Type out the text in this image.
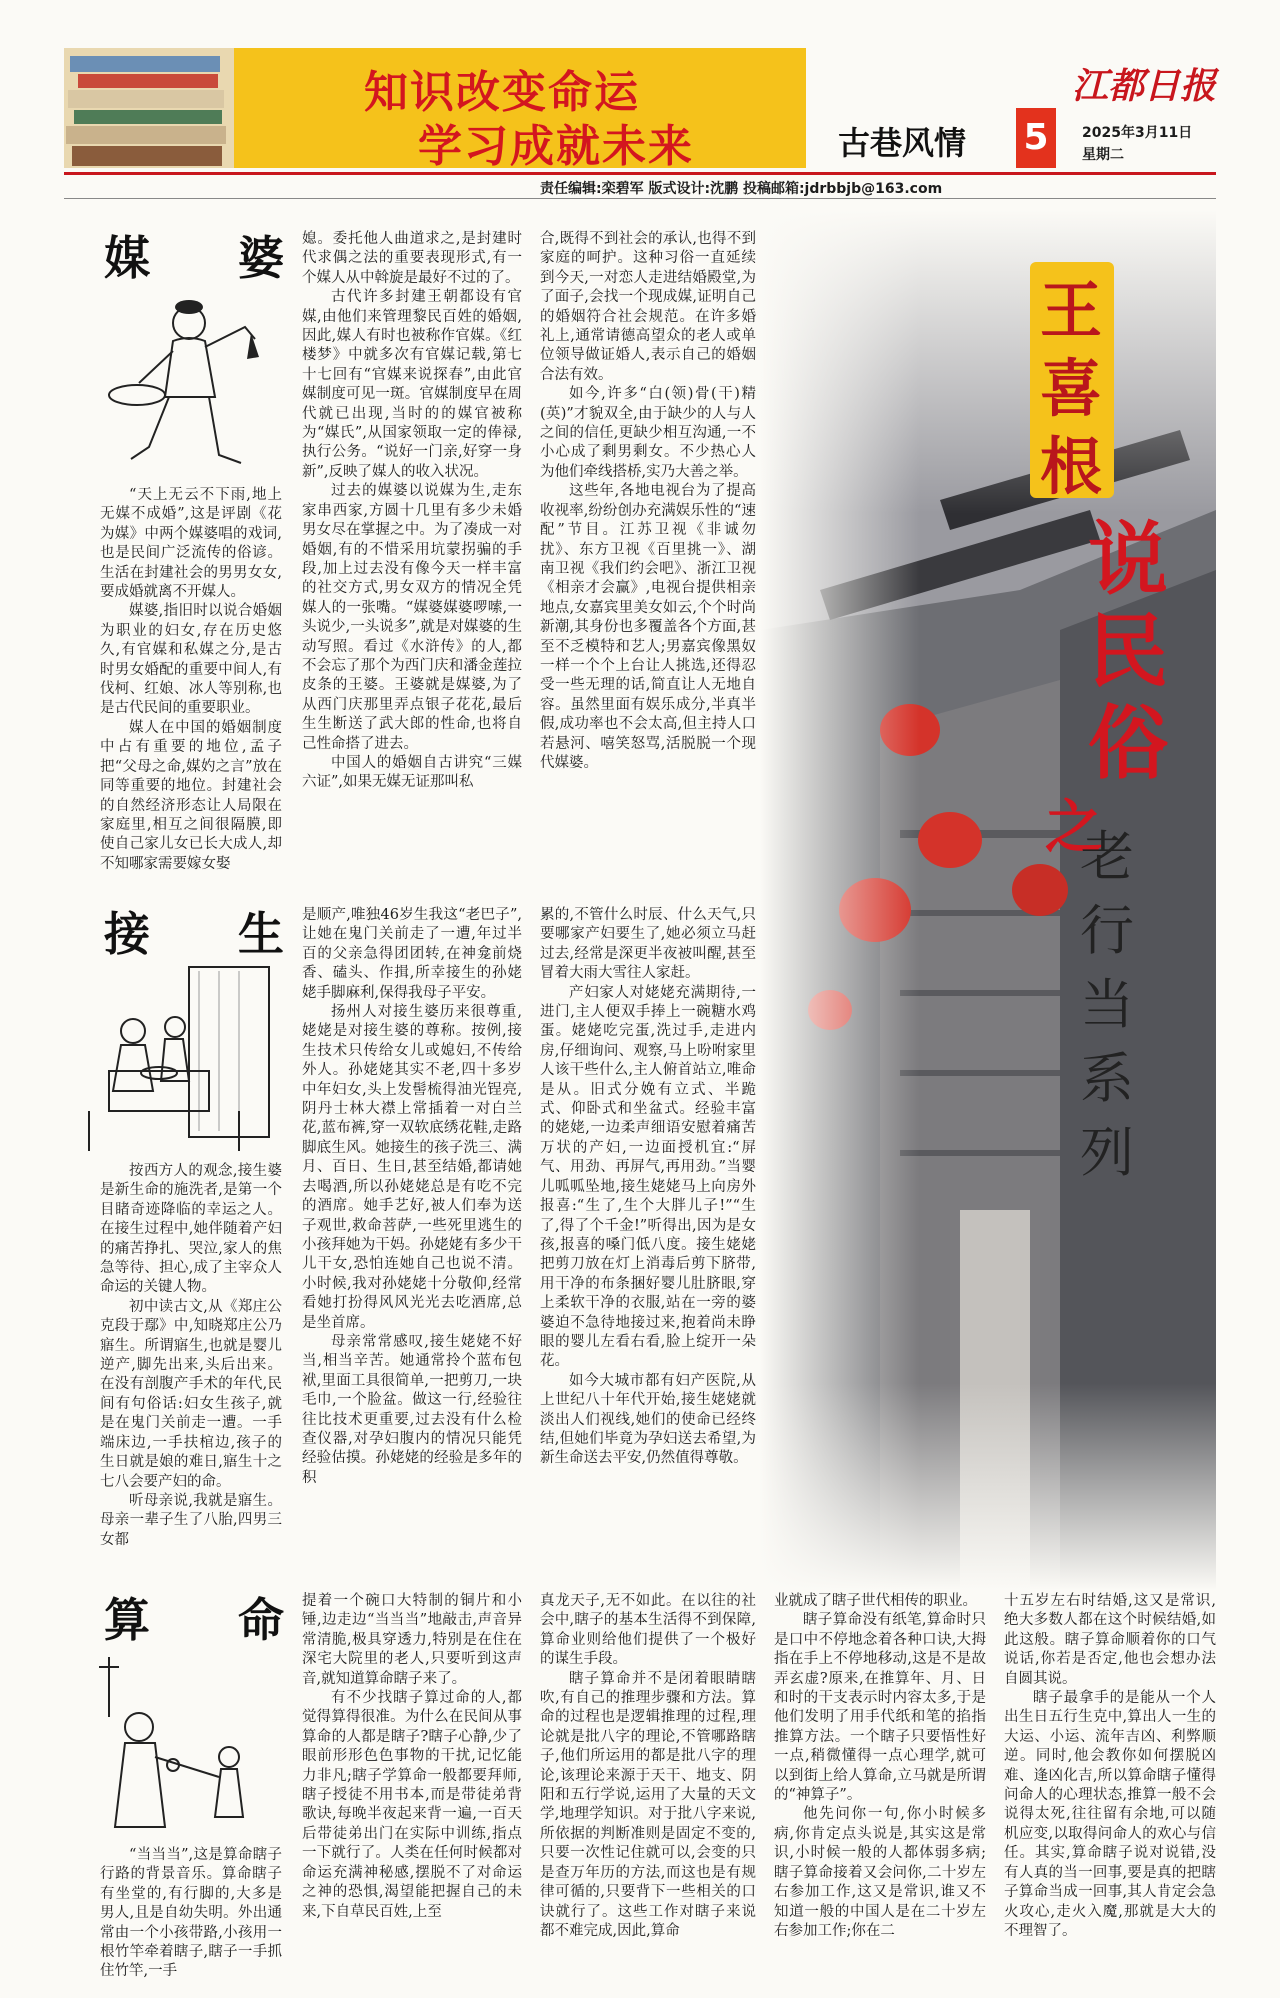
知识改变命运
学习成就未来	古巷风情 5
江都日报
2025年3月11日
星期二
责任编辑:栾碧军 版式设计:沈鹏 投稿邮箱:jdrbbjb@163.com
王
喜
根
说
民
俗
之
老
行
当
系
列
媒 婆

“天上无云不下雨,地上无媒不成婚”,这是评剧《花为媒》中两个媒婆唱的戏词,也是民间广泛流传的俗谚。生活在封建社会的男男女女,要成婚就离不开媒人。

媒婆,指旧时以说合婚姻为职业的妇女,存在历史悠久,有官媒和私媒之分,是古时男女婚配的重要中间人,有伐柯、红娘、冰人等别称,也是古代民间的重要职业。

媒人在中国的婚姻制度中占有重要的地位,孟子把“父母之命,媒妁之言”放在同等重要的地位。封建社会的自然经济形态让人局限在家庭里,相互之间很隔膜,即使自己家儿女已长大成人,却不知哪家需要嫁女娶

媳。委托他人曲道求之,是封建时代求偶之法的重要表现形式,有一个媒人从中斡旋是最好不过的了。

古代许多封建王朝都设有官媒,由他们来管理黎民百姓的婚姻,因此,媒人有时也被称作官媒。《红楼梦》中就多次有官媒记载,第七十七回有“官媒来说探春”,由此官媒制度可见一斑。官媒制度早在周代就已出现,当时的的媒官被称为“媒氏”,从国家领取一定的俸禄,执行公务。“说好一门亲,好穿一身新”,反映了媒人的收入状况。

过去的媒婆以说媒为生,走东家串西家,方圆十几里有多少未婚男女尽在掌握之中。为了凑成一对婚姻,有的不惜采用坑蒙拐骗的手段,加上过去没有像今天一样丰富的社交方式,男女双方的情况全凭媒人的一张嘴。“媒婆媒婆啰嗦,一头说少,一头说多”,就是对媒婆的生动写照。看过《水浒传》的人,都不会忘了那个为西门庆和潘金莲拉皮条的王婆。王婆就是媒婆,为了从西门庆那里弄点银子花花,最后生生断送了武大郎的性命,也将自己性命搭了进去。

中国人的婚姻自古讲究“三媒六证”,如果无媒无证那叫私

合,既得不到社会的承认,也得不到家庭的呵护。这种习俗一直延续到今天,一对恋人走进结婚殿堂,为了面子,会找一个现成媒,证明自己的婚姻符合社会规范。在许多婚礼上,通常请德高望众的老人或单位领导做证婚人,表示自己的婚姻合法有效。

如今,许多“白(领)骨(干)精(英)”才貌双全,由于缺少的人与人之间的信任,更缺少相互沟通,一不小心成了剩男剩女。不少热心人为他们牵线搭桥,实乃大善之举。

这些年,各地电视台为了提高收视率,纷纷创办充满娱乐性的“速配”节目。江苏卫视《非诚勿扰》、东方卫视《百里挑一》、湖南卫视《我们约会吧》、浙江卫视《相亲才会赢》,电视台提供相亲地点,女嘉宾里美女如云,个个时尚新潮,其身份也多覆盖各个方面,甚至不乏模特和艺人;男嘉宾像黑奴一样一个个上台让人挑选,还得忍受一些无理的话,简直让人无地自容。虽然里面有娱乐成分,半真半假,成功率也不会太高,但主持人口若悬河、嘻笑怒骂,活脱脱一个现代媒婆。

接 生

按西方人的观念,接生婆是新生命的施洗者,是第一个目睹奇迹降临的幸运之人。在接生过程中,她伴随着产妇的痛苦挣扎、哭泣,家人的焦急等待、担心,成了主宰众人命运的关键人物。

初中读古文,从《郑庄公克段于鄢》中,知晓郑庄公乃寤生。所谓寤生,也就是婴儿逆产,脚先出来,头后出来。在没有剖腹产手术的年代,民间有句俗话:妇女生孩子,就是在鬼门关前走一遭。一手端床边,一手扶棺边,孩子的生日就是娘的难日,寤生十之七八会要产妇的命。

听母亲说,我就是寤生。母亲一辈子生了八胎,四男三女都

是顺产,唯独46岁生我这“老巴子”,让她在鬼门关前走了一遭,年过半百的父亲急得团团转,在神龛前烧香、磕头、作揖,所幸接生的孙姥姥手脚麻利,保得我母子平安。

扬州人对接生婆历来很尊重,姥姥是对接生婆的尊称。按例,接生技术只传给女儿或媳妇,不传给外人。孙姥姥其实不老,四十多岁中年妇女,头上发髻梳得油光锃亮,阴丹士林大襟上常插着一对白兰花,蓝布裤,穿一双软底绣花鞋,走路脚底生风。她接生的孩子洗三、满月、百日、生日,甚至结婚,都请她去喝酒,所以孙姥姥总是有吃不完的酒席。她手艺好,被人们奉为送子观世,救命菩萨,一些死里逃生的小孩拜她为干妈。孙姥姥有多少干儿干女,恐怕连她自己也说不清。小时候,我对孙姥姥十分敬仰,经常看她打扮得风风光光去吃酒席,总是坐首席。

母亲常常感叹,接生姥姥不好当,相当辛苦。她通常拎个蓝布包袱,里面工具很简单,一把剪刀,一块毛巾,一个脸盆。做这一行,经验往往比技术更重要,过去没有什么检查仪器,对孕妇腹内的情况只能凭经验估摸。孙姥姥的经验是多年的积

累的,不管什么时辰、什么天气,只要哪家产妇要生了,她必须立马赶过去,经常是深更半夜被叫醒,甚至冒着大雨大雪往人家赶。

产妇家人对姥姥充满期待,一进门,主人便双手捧上一碗糖水鸡蛋。姥姥吃完蛋,洗过手,走进内房,仔细询问、观察,马上吩咐家里人该干些什么,主人俯首站立,唯命是从。旧式分娩有立式、半跪式、仰卧式和坐盆式。经验丰富的姥姥,一边柔声细语安慰着痛苦万状的产妇,一边面授机宜:“屏气、用劲、再屏气,再用劲。”当婴儿呱呱坠地,接生姥姥马上向房外报喜:“生了,生个大胖儿子!”“生了,得了个千金!”听得出,因为是女孩,报喜的嗓门低八度。接生姥姥把剪刀放在灯上消毒后剪下脐带,用干净的布条捆好婴儿肚脐眼,穿上柔软干净的衣服,站在一旁的婆婆迫不急待地接过来,抱着尚未睁眼的婴儿左看右看,脸上绽开一朵花。

如今大城市都有妇产医院,从上世纪八十年代开始,接生姥姥就淡出人们视线,她们的使命已经终结,但她们毕竟为孕妇送去希望,为新生命送去平安,仍然值得尊敬。

算 命

“当当当”,这是算命瞎子行路的背景音乐。算命瞎子有坐堂的,有行脚的,大多是男人,且是自幼失明。外出通常由一个小孩带路,小孩用一根竹竿牵着瞎子,瞎子一手抓住竹竿,一手

提着一个碗口大特制的铜片和小锤,边走边“当当当”地敲击,声音异常清脆,极具穿透力,特别是在住在深宅大院里的老人,只要听到这声音,就知道算命瞎子来了。

有不少找瞎子算过命的人,都觉得算得很准。为什么在民间从事算命的人都是瞎子?瞎子心静,少了眼前形形色色事物的干扰,记忆能力非凡;瞎子学算命一般都要拜师,瞎子授徒不用书本,而是带徒弟背歌诀,每晚半夜起来背一遍,一百天后带徒弟出门在实际中训练,指点一下就行了。人类在任何时候都对命运充满神秘感,摆脱不了对命运之神的恐惧,渴望能把握自己的未来,下自草民百姓,上至

真龙天子,无不如此。在以往的社会中,瞎子的基本生活得不到保障,算命业则给他们提供了一个极好的谋生手段。

瞎子算命并不是闭着眼睛瞎吹,有自己的推理步骤和方法。算命的过程也是逻辑推理的过程,理论就是批八字的理论,不管哪路瞎子,他们所运用的都是批八字的理论,该理论来源于天干、地支、阴阳和五行学说,运用了大量的天文学,地理学知识。对于批八字来说,所依据的判断准则是固定不变的,只要一次性记住就可以,会变的只是查万年历的方法,而这也是有规律可循的,只要背下一些相关的口诀就行了。这些工作对瞎子来说都不难完成,因此,算命

业就成了瞎子世代相传的职业。

瞎子算命没有纸笔,算命时只是口中不停地念着各种口诀,大拇指在手上不停地移动,这是不是故弄玄虚?原来,在推算年、月、日和时的干支表示时内容太多,于是他们发明了用手代纸和笔的掐指推算方法。一个瞎子只要悟性好一点,稍微懂得一点心理学,就可以到街上给人算命,立马就是所谓的“神算子”。

他先问你一句,你小时候多病,你肯定点头说是,其实这是常识,小时候一般的人都体弱多病;瞎子算命接着又会问你,二十岁左右参加工作,这又是常识,谁又不知道一般的中国人是在二十岁左右参加工作;你在二

十五岁左右时结婚,这又是常识,绝大多数人都在这个时候结婚,如此这般。瞎子算命顺着你的口气说话,你若是否定,他也会想办法自圆其说。

瞎子最拿手的是能从一个人出生日五行生克中,算出人一生的大运、小运、流年吉凶、利弊顺逆。同时,他会教你如何摆脱凶难、逢凶化吉,所以算命瞎子懂得问命人的心理状态,推算一般不会说得太死,往往留有余地,可以随机应变,以取得问命人的欢心与信任。其实,算命瞎子说对说错,没有人真的当一回事,要是真的把瞎子算命当成一回事,其人肯定会急火攻心,走火入魔,那就是大大的不理智了。
